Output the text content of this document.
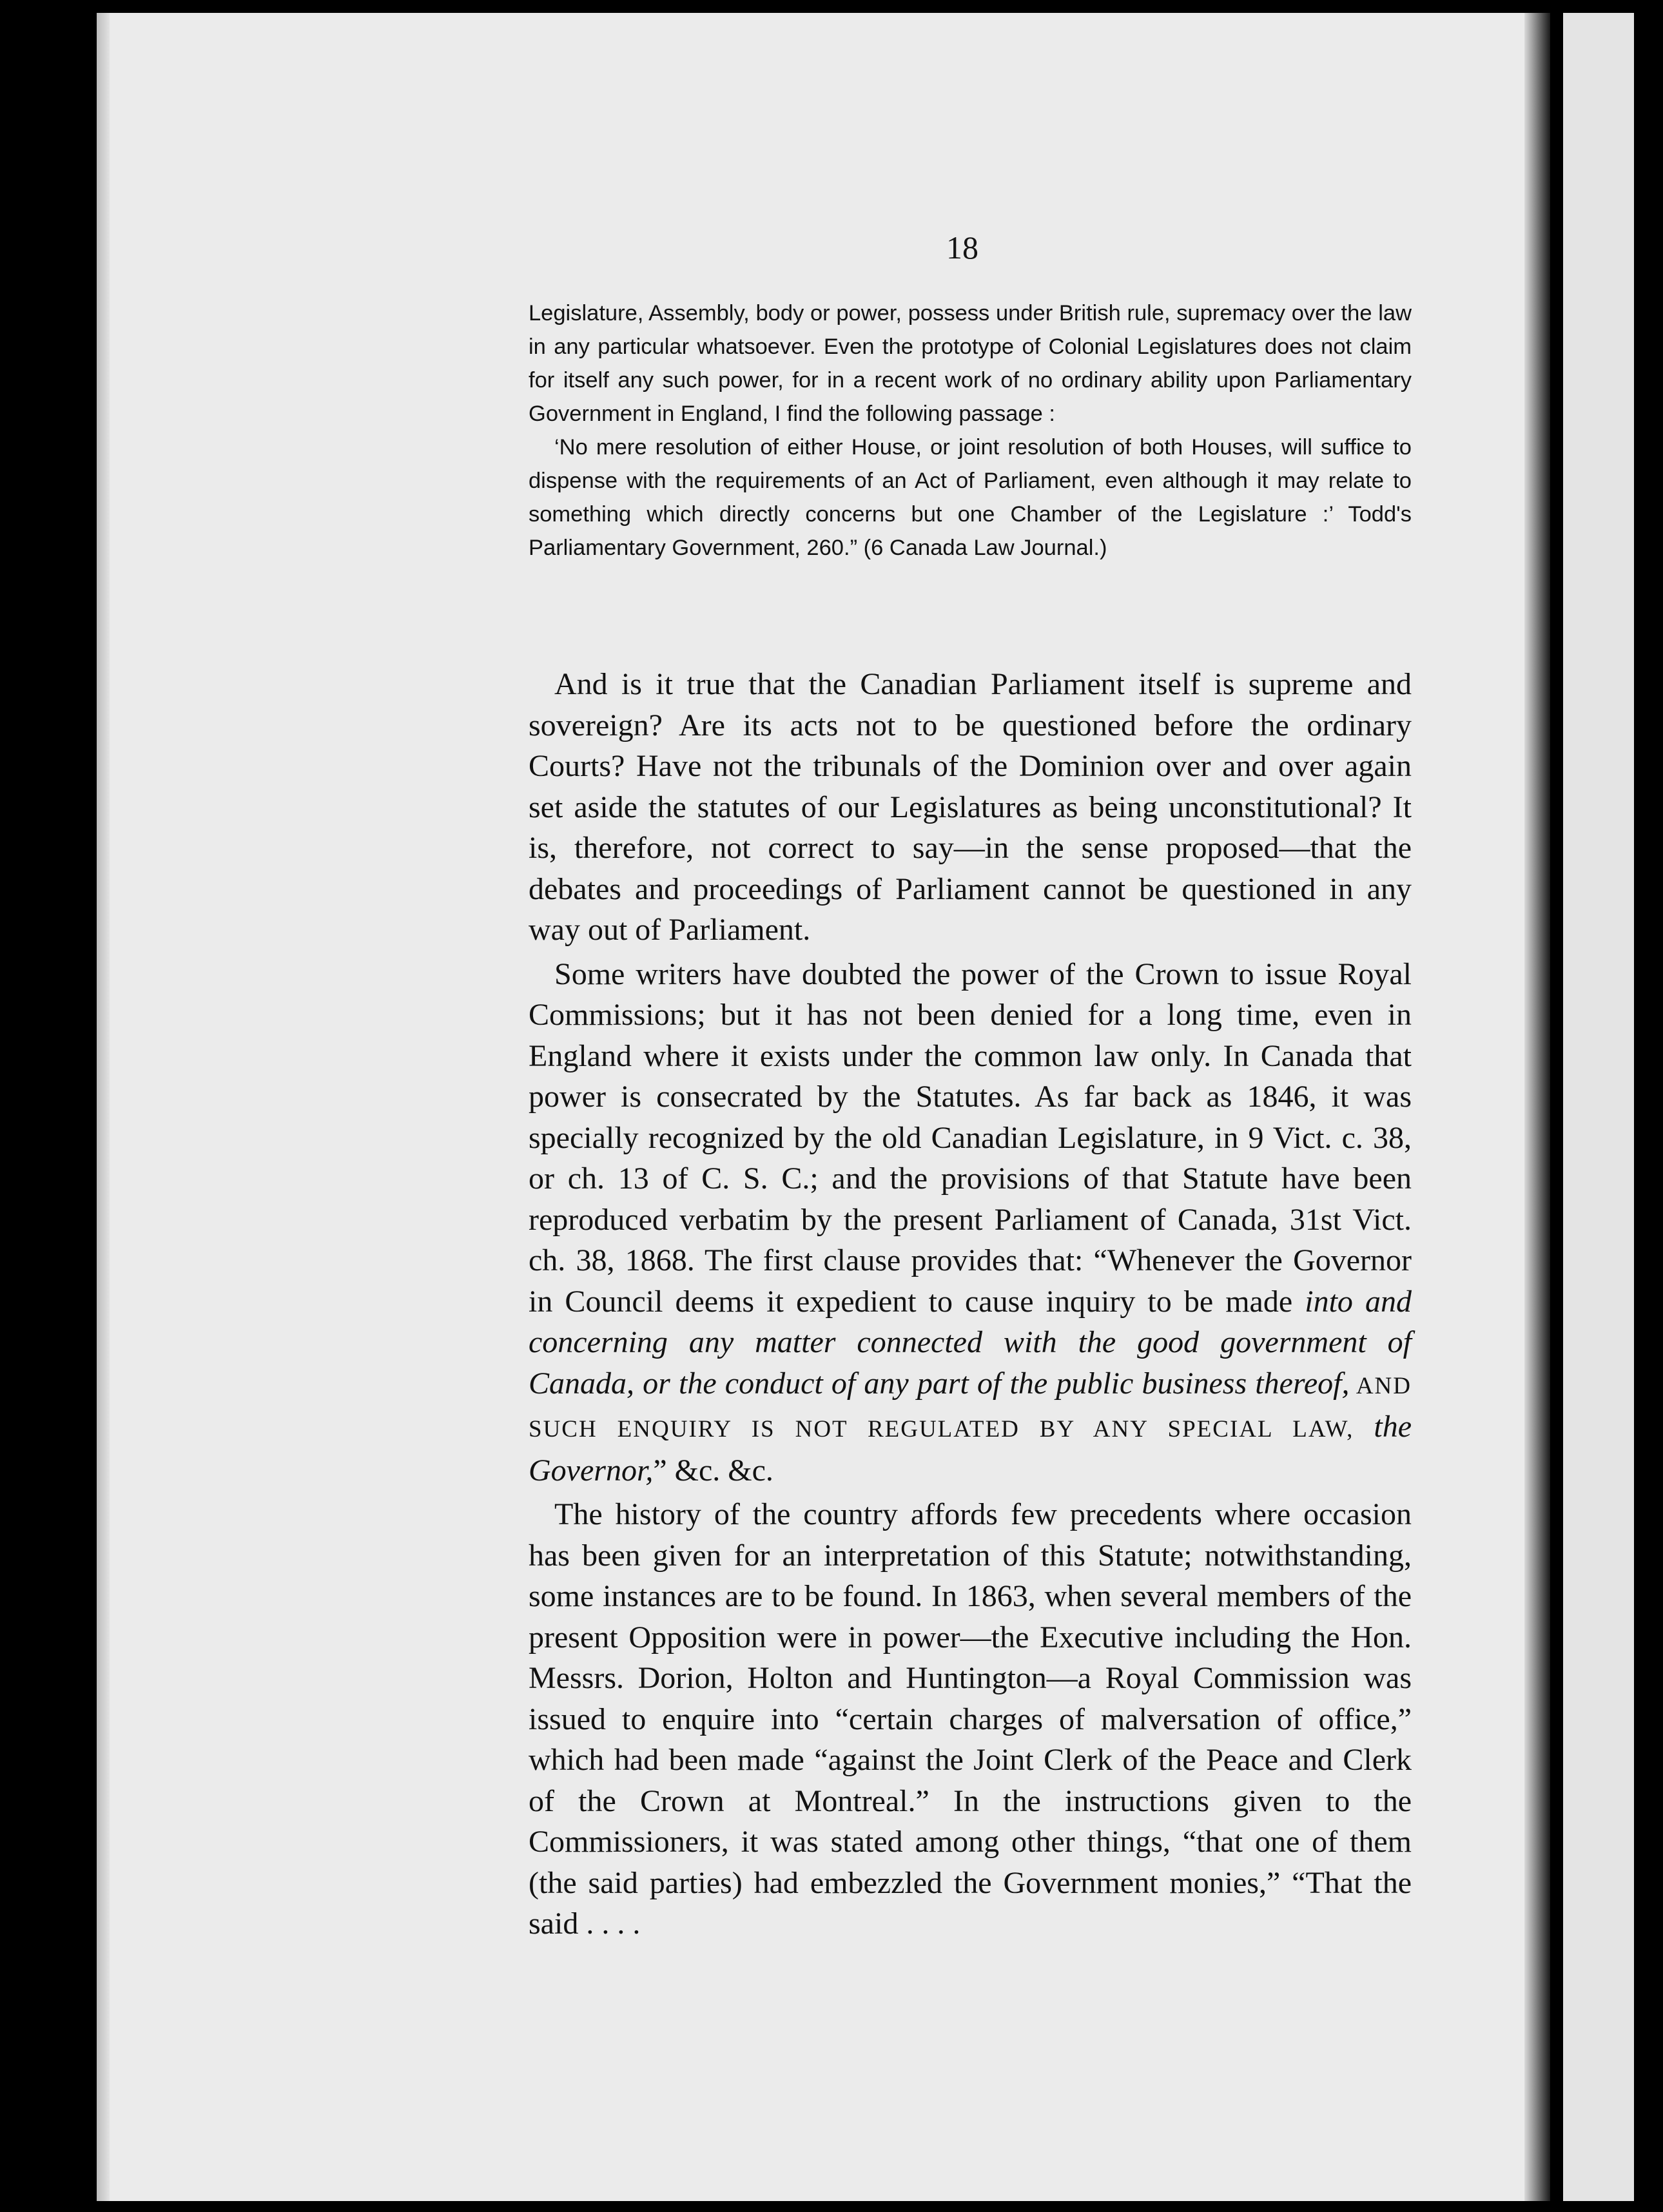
18

Legislature, Assembly, body or power, possess under British rule, supremacy over the law in any particular whatsoever. Even the prototype of Colonial Legislatures does not claim for itself any such power, for in a recent work of no ordinary ability upon Parliamentary Government in England, I find the following passage :

‘No mere resolution of either House, or joint resolution of both Houses, will suffice to dispense with the requirements of an Act of Parliament, even although it may relate to something which directly concerns but one Chamber of the Legislature :’ Todd's Parliamentary Government, 260.” (6 Canada Law Journal.)

And is it true that the Canadian Parliament itself is supreme and sovereign? Are its acts not to be questioned before the ordinary Courts? Have not the tribunals of the Dominion over and over again set aside the statutes of our Legislatures as being unconstitutional? It is, therefore, not correct to say—in the sense proposed—that the debates and proceedings of Parliament cannot be questioned in any way out of Parliament.

Some writers have doubted the power of the Crown to issue Royal Commissions; but it has not been denied for a long time, even in England where it exists under the common law only. In Canada that power is consecrated by the Statutes. As far back as 1846, it was specially recognized by the old Canadian Legislature, in 9 Vict. c. 38, or ch. 13 of C. S. C.; and the provisions of that Statute have been reproduced verbatim by the present Parliament of Canada, 31st Vict. ch. 38, 1868. The first clause provides that: “Whenever the Governor in Council deems it expedient to cause inquiry to be made into and concerning any matter connected with the good government of Canada, or the conduct of any part of the public business thereof, AND SUCH ENQUIRY IS NOT REGULATED BY ANY SPECIAL LAW, the Governor,” &c. &c.

The history of the country affords few precedents where occasion has been given for an interpretation of this Statute; notwithstanding, some instances are to be found. In 1863, when several members of the present Opposition were in power—the Executive including the Hon. Messrs. Dorion, Holton and Huntington—a Royal Commission was issued to enquire into “certain charges of malversation of office,” which had been made “against the Joint Clerk of the Peace and Clerk of the Crown at Montreal.” In the instructions given to the Commissioners, it was stated among other things, “that one of them (the said parties) had embezzled the Government monies,” “That the said . . . .
